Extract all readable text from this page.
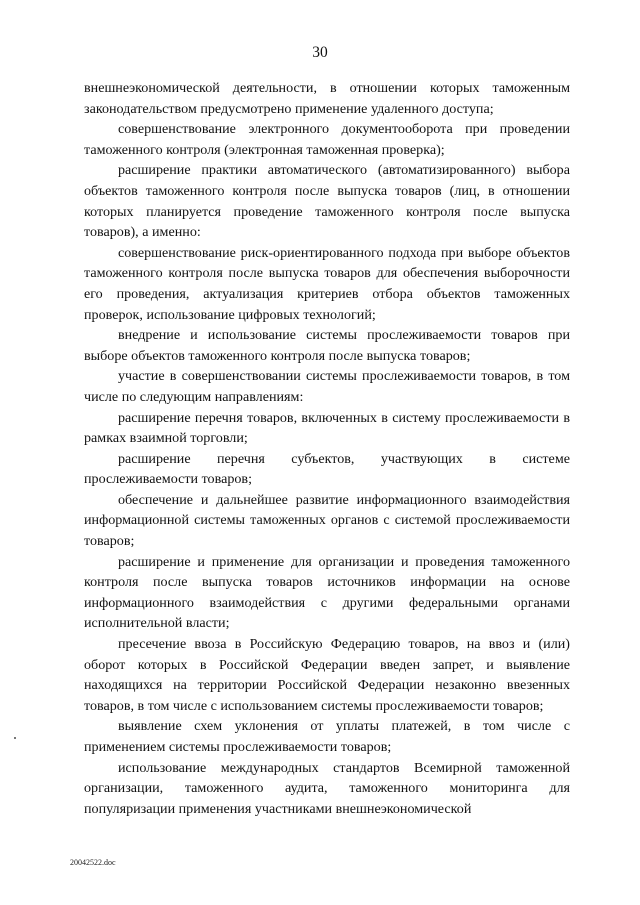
30

внешнеэкономической деятельности, в отношении которых таможенным законодательством предусмотрено применение удаленного доступа;

совершенствование электронного документооборота при проведении таможенного контроля (электронная таможенная проверка);

расширение практики автоматического (автоматизированного) выбора объектов таможенного контроля после выпуска товаров (лиц, в отношении которых планируется проведение таможенного контроля после выпуска товаров), а именно:

совершенствование риск-ориентированного подхода при выборе объектов таможенного контроля после выпуска товаров для обеспечения выборочности его проведения, актуализация критериев отбора объектов таможенных проверок, использование цифровых технологий;

внедрение и использование системы прослеживаемости товаров при выборе объектов таможенного контроля после выпуска товаров;

участие в совершенствовании системы прослеживаемости товаров, в том числе по следующим направлениям:

расширение перечня товаров, включенных в систему прослеживаемости в рамках взаимной торговли;

расширение перечня субъектов, участвующих в системе прослеживаемости товаров;

обеспечение и дальнейшее развитие информационного взаимодействия информационной системы таможенных органов с системой прослеживаемости товаров;

расширение и применение для организации и проведения таможенного контроля после выпуска товаров источников информации на основе информационного взаимодействия с другими федеральными органами исполнительной власти;

пресечение ввоза в Российскую Федерацию товаров, на ввоз и (или) оборот которых в Российской Федерации введен запрет, и выявление находящихся на территории Российской Федерации незаконно ввезенных товаров, в том числе с использованием системы прослеживаемости товаров;

выявление схем уклонения от уплаты платежей, в том числе с применением системы прослеживаемости товаров;

использование международных стандартов Всемирной таможенной организации, таможенного аудита, таможенного мониторинга для популяризации применения участниками внешнеэкономической

20042522.doc
